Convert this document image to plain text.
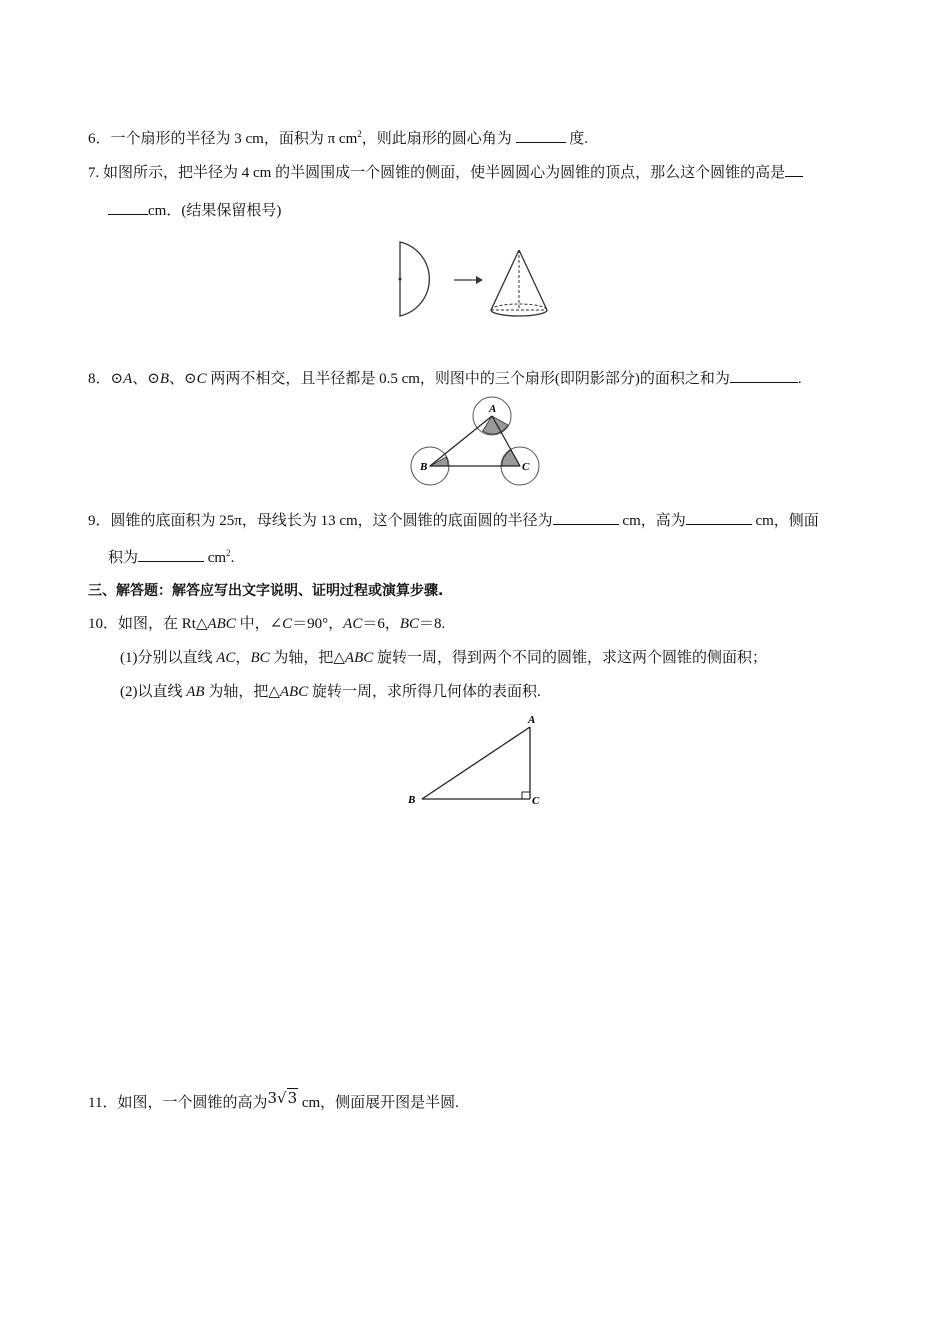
6．一个扇形的半径为 3 cm，面积为 π $cm^2$，则此扇形的圆心角为	度.
7. 如图所示，把半径为 4 cm 的半圆围成一个圆锥的侧面，使半圆圆心为圆锥的顶点，那么这个圆锥的高是
cm．(结果保留根号)
8．⊙A、⊙B、⊙C 两两不相交，且半径都是 0.5 cm，则图中的三个扇形(即阴影部分)的面积之和为	.
A
B	C
9．圆锥的底面积为 25π，母线长为 13 cm，这个圆锥的底面圆的半径为	cm，高为	cm，侧面
积为	$cm^2$.
三、解答题：解答应写出文字说明、证明过程或演算步骤.
10．如图，在 Rt△ABC 中，∠C＝90°，AC＝6，BC＝8.
(1)分别以直线 AC，BC 为轴，把△ABC 旋转一周，得到两个不同的圆锥，求这两个圆锥的侧面积；
(2)以直线 AB 为轴，把△ABC 旋转一周，求所得几何体的表面积.
A
B	C
11．如图，一个圆锥的高为3√3 cm，侧面展开图是半圆.
